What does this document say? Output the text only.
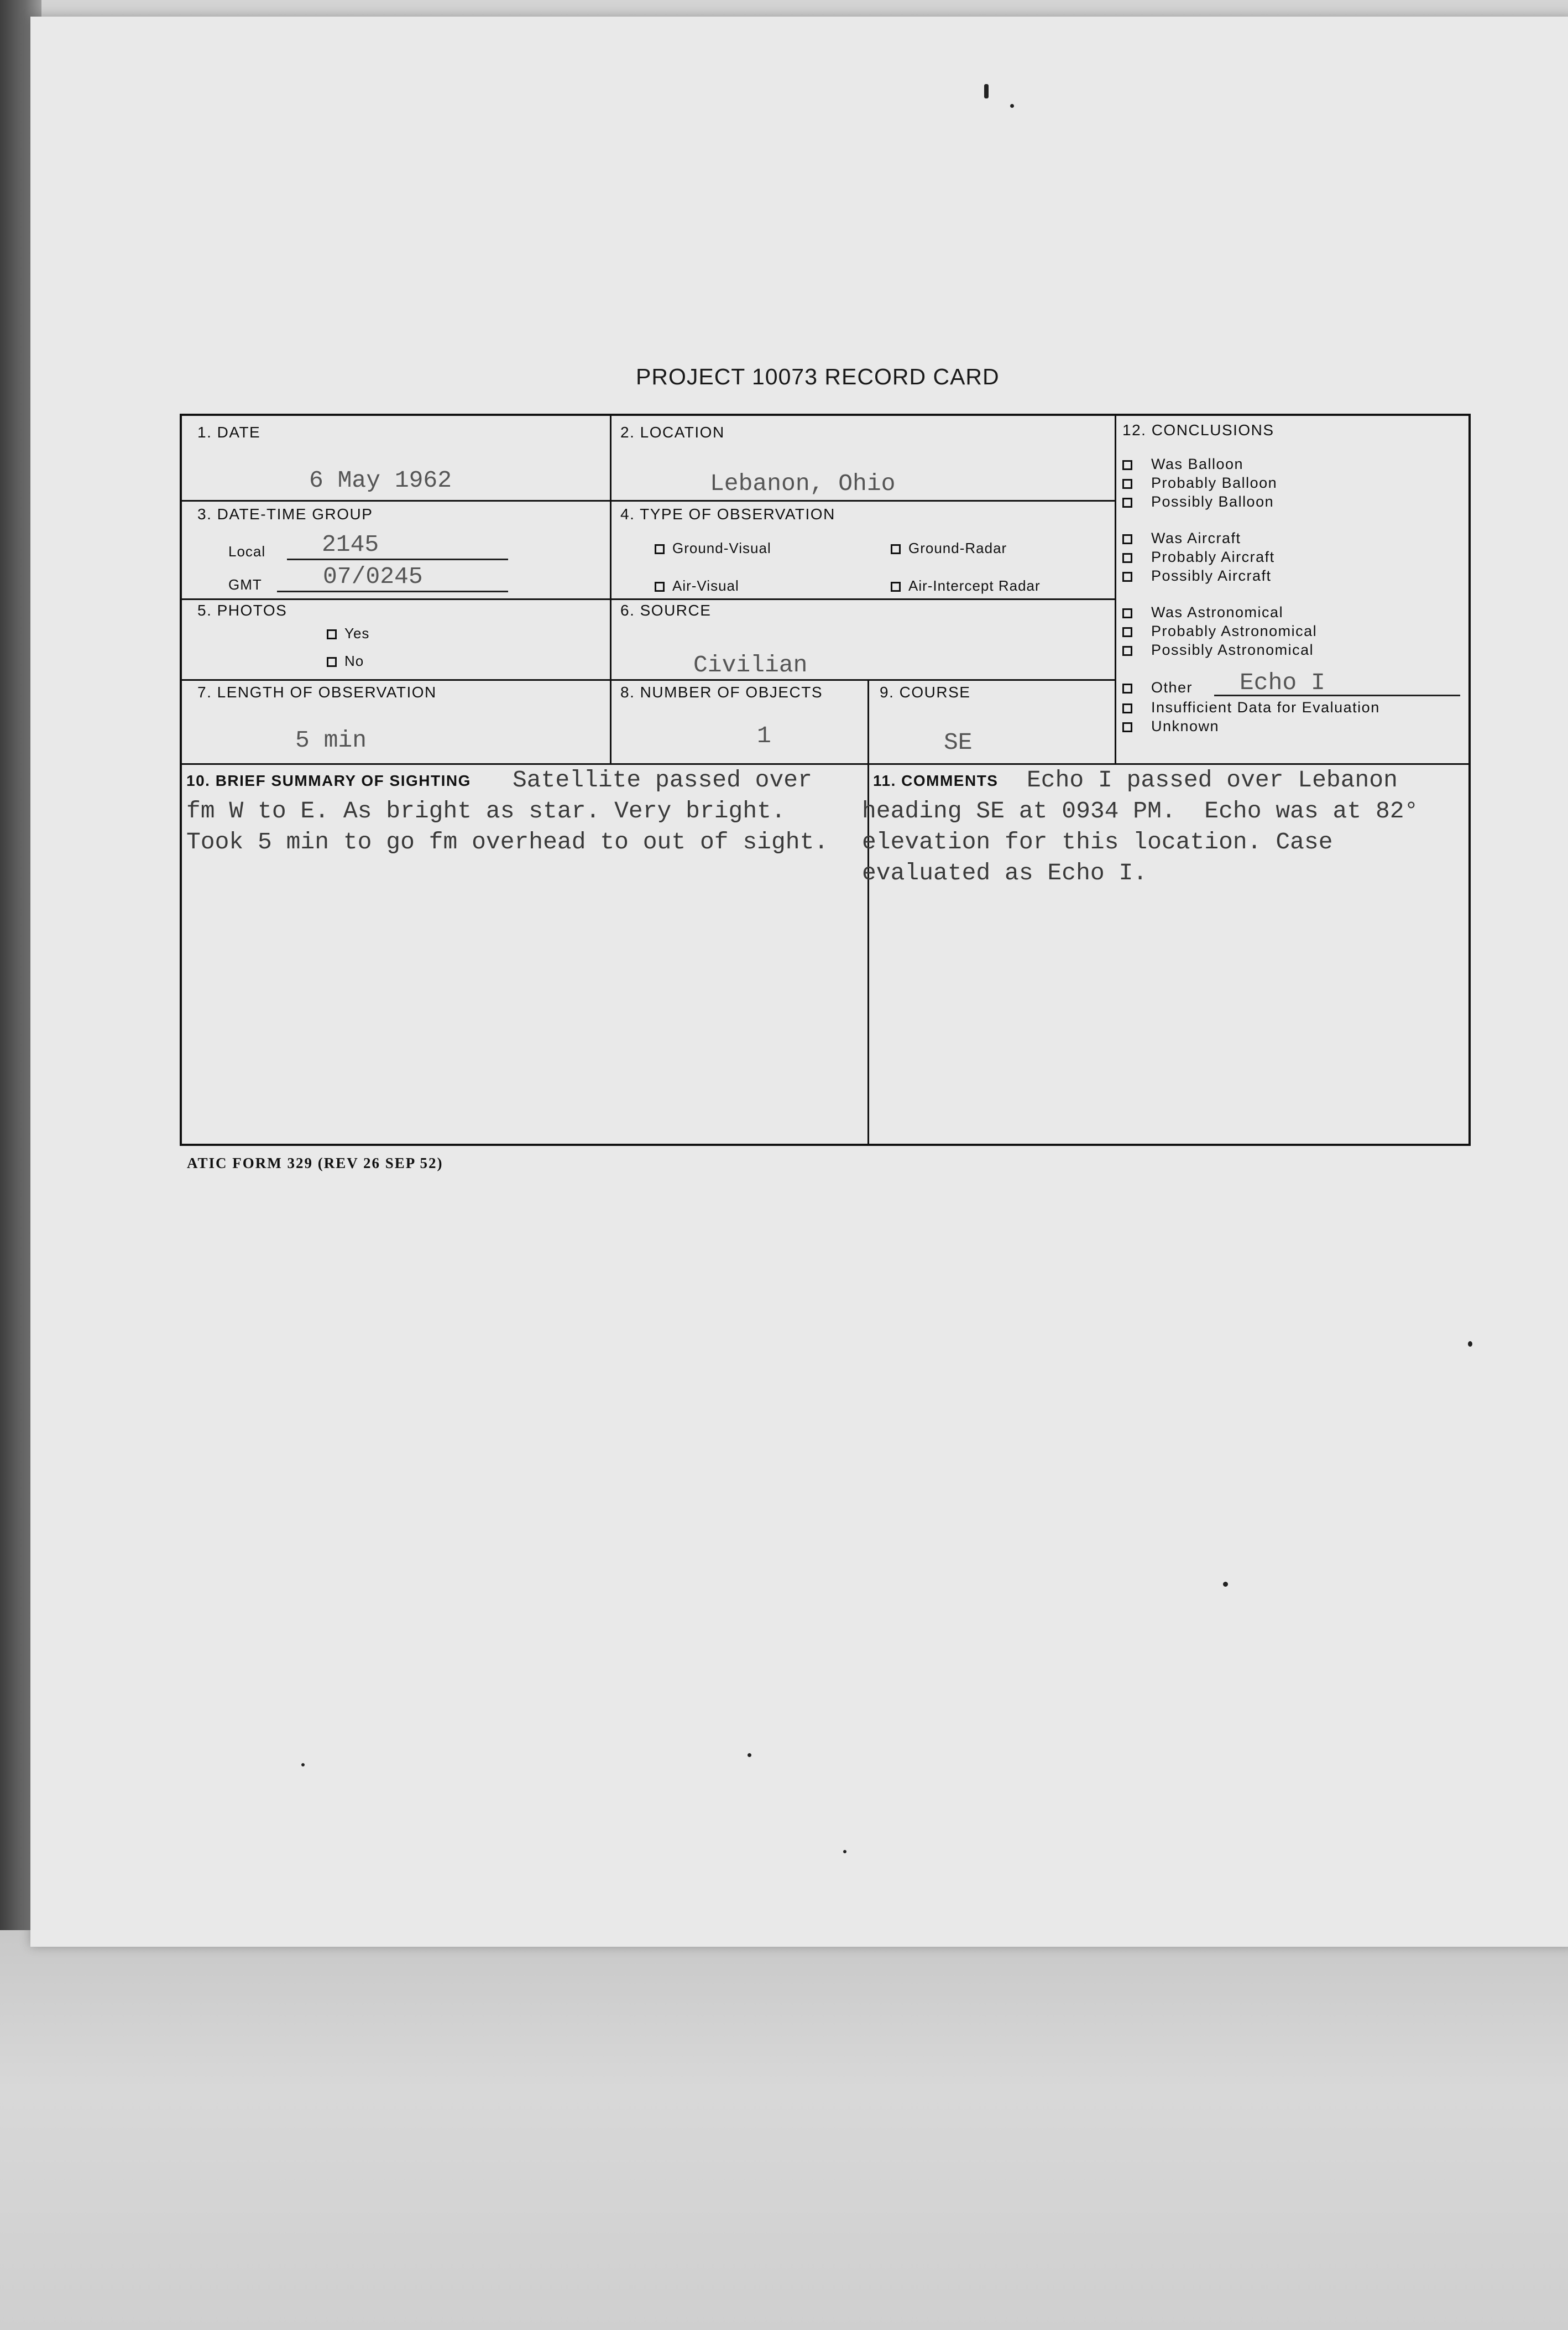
PROJECT 10073 RECORD CARD
1. DATE
6 May 1962
2. LOCATION
Lebanon, Ohio
3. DATE-TIME GROUP
Local 2145
GMT	07/0245
4. TYPE OF OBSERVATION
Ground-Visual	Ground-Radar
Air-Visual	Air-Intercept Radar
5. PHOTOS
Yes
No
6. SOURCE
Civilian
7. LENGTH OF OBSERVATION
5 min
8. NUMBER OF OBJECTS
1
9. COURSE
SE
10. BRIEF SUMMARY OF SIGHTING Satellite passed over
fm W to E. As bright as star. Very bright.
Took 5 min to go fm overhead to out of sight.
11. COMMENTS Echo I passed over Lebanon
heading SE at 0934 PM.  Echo was at 82°
elevation for this location. Case
evaluated as Echo I.
12. CONCLUSIONS
Was Balloon
Probably Balloon
Possibly Balloon
Was Aircraft
Probably Aircraft
Possibly Aircraft
Was Astronomical
Probably Astronomical
Possibly Astronomical
Other Echo I
Insufficient Data for Evaluation
Unknown
ATIC FORM 329 (REV 26 SEP 52)
